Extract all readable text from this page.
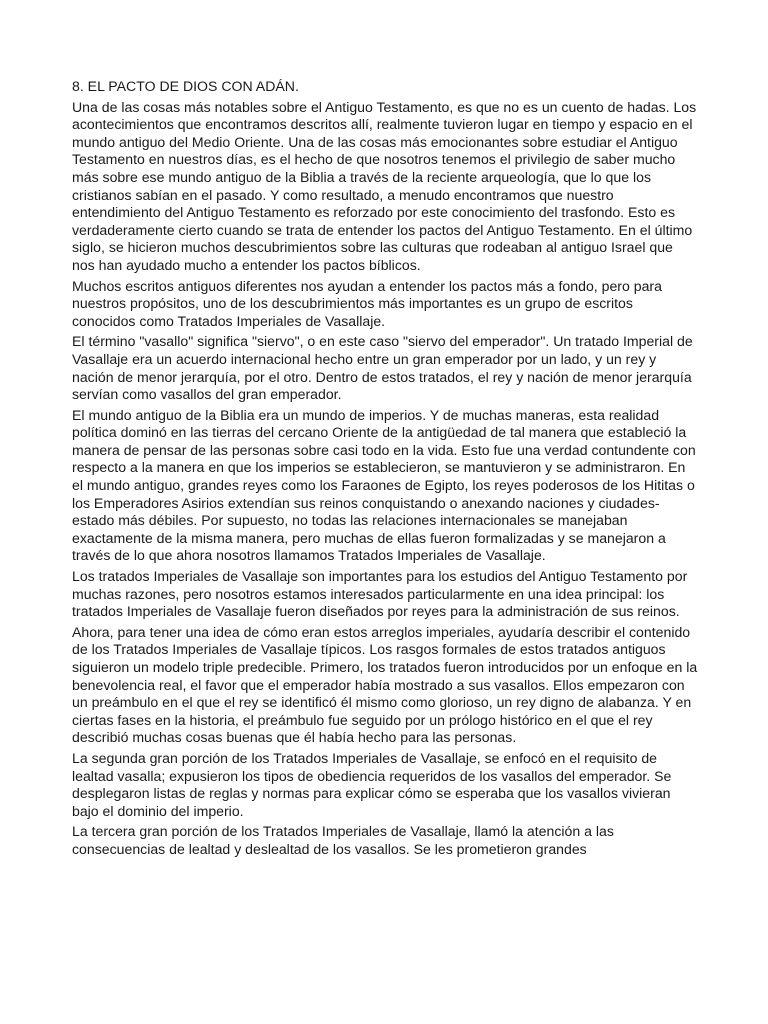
8. EL PACTO DE DIOS CON ADÁN.

Una de las cosas más notables sobre el Antiguo Testamento, es que no es un cuento de hadas. Los acontecimientos que encontramos descritos allí, realmente tuvieron lugar en tiempo y espacio en el mundo antiguo del Medio Oriente. Una de las cosas más emocionantes sobre estudiar el Antiguo Testamento en nuestros días, es el hecho de que nosotros tenemos el privilegio de saber mucho más sobre ese mundo antiguo de la Biblia a través de la reciente arqueología, que lo que los cristianos sabían en el pasado. Y como resultado, a menudo encontramos que nuestro entendimiento del Antiguo Testamento es reforzado por este conocimiento del trasfondo. Esto es verdaderamente cierto cuando se trata de entender los pactos del Antiguo Testamento. En el último siglo, se hicieron muchos descubrimientos sobre las culturas que rodeaban al antiguo Israel que nos han ayudado mucho a entender los pactos bíblicos.

Muchos escritos antiguos diferentes nos ayudan a entender los pactos más a fondo, pero para nuestros propósitos, uno de los descubrimientos más importantes es un grupo de escritos conocidos como Tratados Imperiales de Vasallaje.

El término "vasallo" significa "siervo", o en este caso "siervo del emperador". Un tratado Imperial de Vasallaje era un acuerdo internacional hecho entre un gran emperador por un lado, y un rey y nación de menor jerarquía, por el otro. Dentro de estos tratados, el rey y nación de menor jerarquía servían como vasallos del gran emperador.

El mundo antiguo de la Biblia era un mundo de imperios. Y de muchas maneras, esta realidad política dominó en las tierras del cercano Oriente de la antigüedad de tal manera que estableció la manera de pensar de las personas sobre casi todo en la vida. Esto fue una verdad contundente con respecto a la manera en que los imperios se establecieron, se mantuvieron y se administraron. En el mundo antiguo, grandes reyes como los Faraones de Egipto, los reyes poderosos de los Hititas o los Emperadores Asirios extendían sus reinos conquistando o anexando naciones y ciudades-estado más débiles. Por supuesto, no todas las relaciones internacionales se manejaban exactamente de la misma manera, pero muchas de ellas fueron formalizadas y se manejaron a través de lo que ahora nosotros llamamos Tratados Imperiales de Vasallaje.

Los tratados Imperiales de Vasallaje son importantes para los estudios del Antiguo Testamento por muchas razones, pero nosotros estamos interesados particularmente en una idea principal: los tratados Imperiales de Vasallaje fueron diseñados por reyes para la administración de sus reinos.

Ahora, para tener una idea de cómo eran estos arreglos imperiales, ayudaría describir el contenido de los Tratados Imperiales de Vasallaje típicos. Los rasgos formales de estos tratados antiguos siguieron un modelo triple predecible. Primero, los tratados fueron introducidos por un enfoque en la benevolencia real, el favor que el emperador había mostrado a sus vasallos. Ellos empezaron con un preámbulo en el que el rey se identificó él mismo como glorioso, un rey digno de alabanza. Y en ciertas fases en la historia, el preámbulo fue seguido por un prólogo histórico en el que el rey describió muchas cosas buenas que él había hecho para las personas.

La segunda gran porción de los Tratados Imperiales de Vasallaje, se enfocó en el requisito de lealtad vasalla; expusieron los tipos de obediencia requeridos de los vasallos del emperador. Se desplegaron listas de reglas y normas para explicar cómo se esperaba que los vasallos vivieran bajo el dominio del imperio.

La tercera gran porción de los Tratados Imperiales de Vasallaje, llamó la atención a las consecuencias de lealtad y deslealtad de los vasallos. Se les prometieron grandes
